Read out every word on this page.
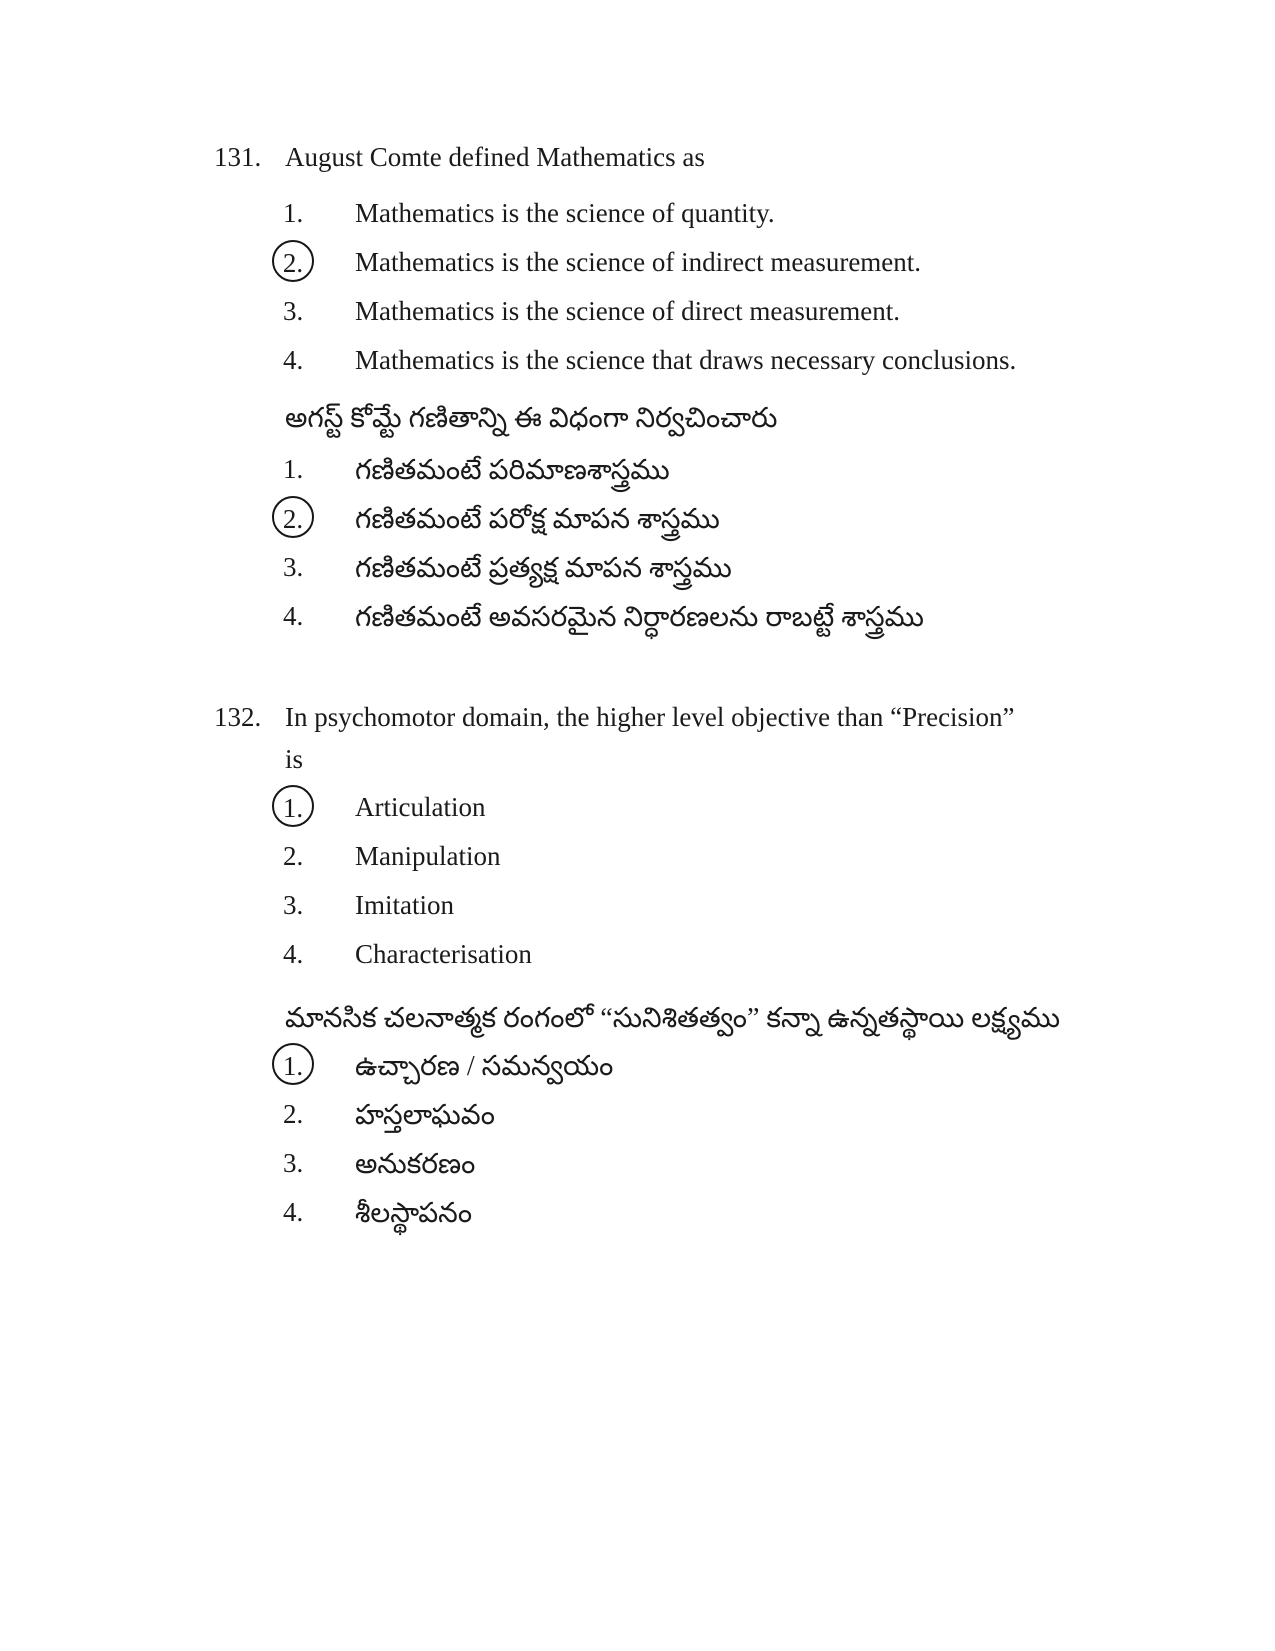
131. August Comte defined Mathematics as
1.	Mathematics is the science of quantity.
2.	Mathematics is the science of indirect measurement.
3.	Mathematics is the science of direct measurement.
4.	Mathematics is the science that draws necessary conclusions.
అగస్ట్ కోమ్టే గణితాన్ని ఈ విధంగా నిర్వచించారు
1.	గణితమంటే పరిమాణశాస్త్రము
2.	గణితమంటే పరోక్ష మాపన శాస్త్రము
3.	గణితమంటే ప్రత్యక్ష మాపన శాస్త్రము
4.	గణితమంటే అవసరమైన నిర్ధారణలను రాబట్టే శాస్త్రము
132. In psychomotor domain, the higher level objective than “Precision” is
1.	Articulation
2.	Manipulation
3.	Imitation
4.	Characterisation
మానసిక చలనాత్మక రంగంలో “సునిశితత్వం” కన్నా ఉన్నతస్థాయి లక్ష్యము
1.	ఉచ్చారణ / సమన్వయం
2.	హస్తలాఘవం
3.	అనుకరణం
4.	శీలస్థాపనం
